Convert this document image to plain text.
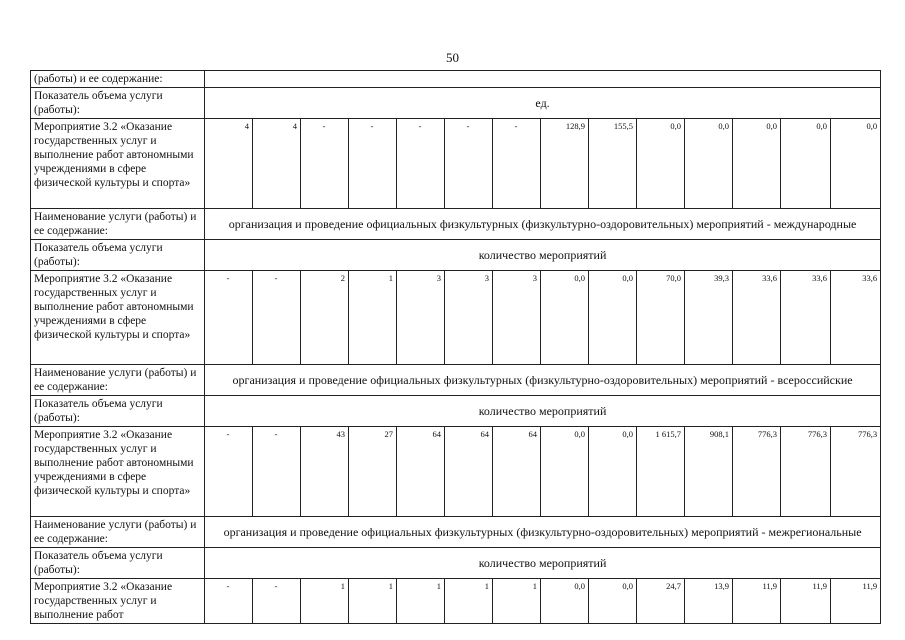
50
(работы) и ее содержание:														
Показатель объема услуги (работы):	ед.													
Мероприятие 3.2 «Оказание государственных услуг и выполнение работ автономными учреждениями в сфере физической культуры и спорта»	4	4	-	-	-	-	-	128,9	155,5	0,0	0,0	0,0	0,0	0,0
Наименование услуги (работы) и ее содержание:	организация и проведение официальных физкультурных (физкультурно-оздоровительных) мероприятий - международные													
Показатель объема услуги (работы):	количество мероприятий													
Мероприятие 3.2 «Оказание государственных услуг и выполнение работ автономными учреждениями в сфере физической культуры и спорта»	-	-	2	1	3	3	3	0,0	0,0	70,0	39,3	33,6	33,6	33,6
Наименование услуги (работы) и ее содержание:	организация и проведение официальных физкультурных (физкультурно-оздоровительных) мероприятий - всероссийские													
Показатель объема услуги (работы):	количество мероприятий													
Мероприятие 3.2 «Оказание государственных услуг и выполнение работ автономными учреждениями в сфере физической культуры и спорта»	-	-	43	27	64	64	64	0,0	0,0	1 615,7	908,1	776,3	776,3	776,3
Наименование услуги (работы) и ее содержание:	организация и проведение официальных физкультурных (физкультурно-оздоровительных) мероприятий - межрегиональные													
Показатель объема услуги (работы):	количество мероприятий													
Мероприятие 3.2 «Оказание государственных услуг и выполнение работ	-	-	1	1	1	1	1	0,0	0,0	24,7	13,9	11,9	11,9	11,9
